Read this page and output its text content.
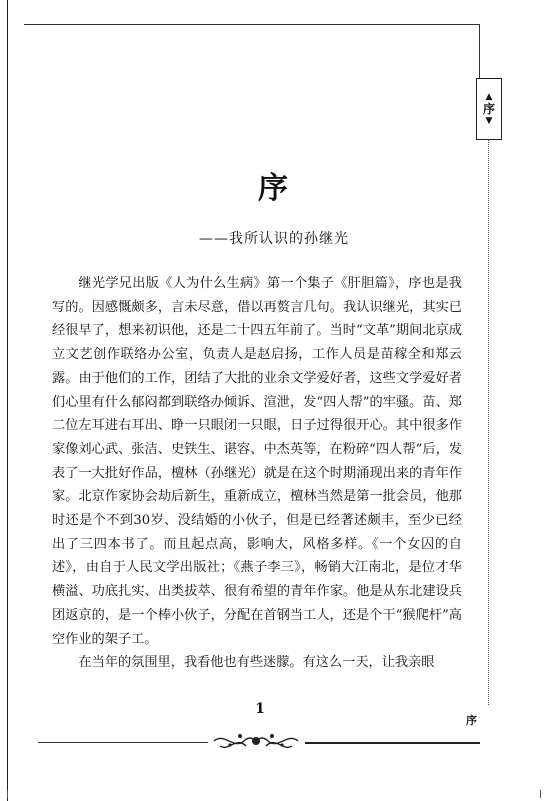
▲
序
▼
序
——我所认识的孙继光

继光学兄出版《人为什么生病》第一个集子《肝胆篇》，序也是我写的。因感慨颇多，言未尽意，借以再赘言几句。我认识继光，其实已经很早了，想来初识他，还是二十四五年前了。当时“文革”期间北京成立文艺创作联络办公室，负责人是赵启扬，工作人员是苗稼全和郑云露。由于他们的工作，团结了大批的业余文学爱好者，这些文学爱好者们心里有什么郁闷都到联络办倾诉、渲泄，发“四人帮”的牢骚。苗、郑二位左耳进右耳出、睁一只眼闭一只眼，日子过得很开心。其中很多作家像刘心武、张洁、史铁生、谌容、中杰英等，在粉碎“四人帮”后，发表了一大批好作品，檀林（孙继光）就是在这个时期涌现出来的青年作家。北京作家协会劫后新生，重新成立，檀林当然是第一批会员，他那时还是个不到30岁、没结婚的小伙子，但是已经著述颇丰，至少已经出了三四本书了。而且起点高，影响大，风格多样。《一个女囚的自述》，由自于人民文学出版社；《燕子李三》，畅销大江南北，是位才华横溢、功底扎实、出类拔萃、很有希望的青年作家。他是从东北建设兵团返京的，是一个棒小伙子，分配在首钢当工人，还是个干“猴爬杆”高空作业的架子工。

在当年的氛围里，我看他也有些迷朦。有这么一天，让我亲眼

1
序
